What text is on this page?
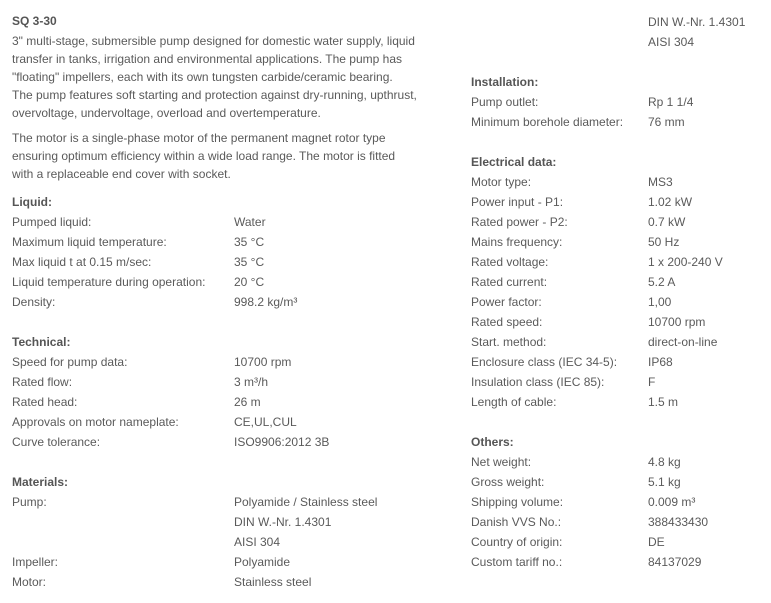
SQ 3-30
3" multi-stage, submersible pump designed for domestic water supply, liquid
transfer in tanks, irrigation and environmental applications. The pump has
"floating" impellers, each with its own tungsten carbide/ceramic bearing.
The pump features soft starting and protection against dry-running, upthrust,
overvoltage, undervoltage, overload and overtemperature.
The motor is a single-phase motor of the permanent magnet rotor type
ensuring optimum efficiency within a wide load range. The motor is fitted
with a replaceable end cover with socket.
Liquid:
Pumped liquid:	Water
Maximum liquid temperature:	35 °C
Max liquid t at 0.15 m/sec:	35 °C
Liquid temperature during operation: 20 °C
Density:	998.2 kg/m³
Technical:
Speed for pump data:	10700 rpm
Rated flow:	3 m³/h
Rated head:	26 m
Approvals on motor nameplate:	CE,UL,CUL
Curve tolerance:	ISO9906:2012 3B
Materials:
Pump:	Polyamide / Stainless steel
DIN W.-Nr. 1.4301
AISI 304
Impeller:	Polyamide
Motor:	Stainless steel
DIN W.-Nr. 1.4301
AISI 304
Installation:
Pump outlet:	Rp 1 1/4
Minimum borehole diameter: 76 mm
Electrical data:
Motor type:	MS3
Power input - P1:	1.02 kW
Rated power - P2:	0.7 kW
Mains frequency:	50 Hz
Rated voltage:	1 x 200-240 V
Rated current:	5.2 A
Power factor:	1,00
Rated speed:	10700 rpm
Start. method:	direct-on-line
Enclosure class (IEC 34-5):	IP68
Insulation class (IEC 85):	F
Length of cable:	1.5 m
Others:
Net weight:	4.8 kg
Gross weight:	5.1 kg
Shipping volume:	0.009 m³
Danish VVS No.:	388433430
Country of origin:	DE
Custom tariff no.:	84137029
